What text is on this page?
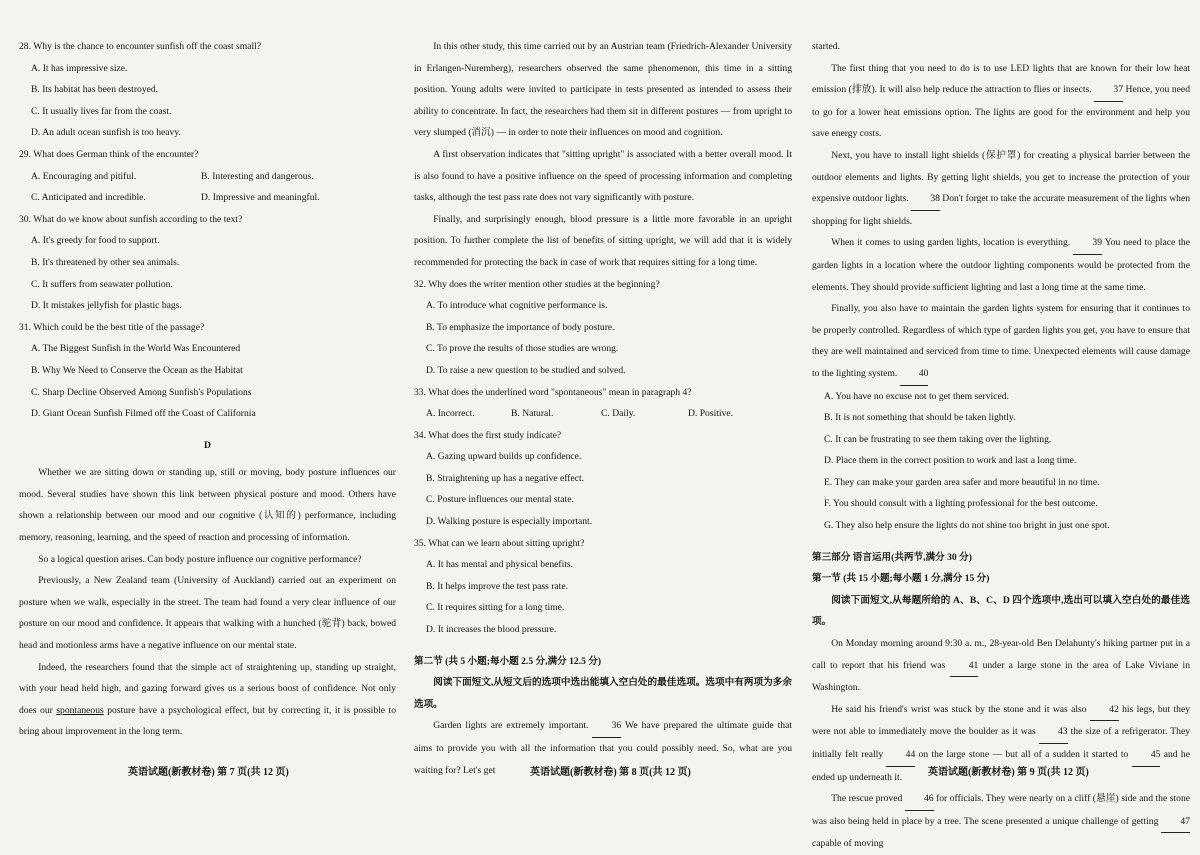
28. Why is the chance to encounter sunfish off the coast small?

A. It has impressive size.

B. Its habitat has been destroyed.

C. It usually lives far from the coast.

D. An adult ocean sunfish is too heavy.

29. What does German think of the encounter?

A. Encouraging and pitiful.	B. Interesting and dangerous.
C. Anticipated and incredible.	D. Impressive and meaningful.

30. What do we know about sunfish according to the text?

A. It's greedy for food to support.

B. It's threatened by other sea animals.

C. It suffers from seawater pollution.

D. It mistakes jellyfish for plastic bags.

31. Which could be the best title of the passage?

A. The Biggest Sunfish in the World Was Encountered

B. Why We Need to Conserve the Ocean as the Habitat

C. Sharp Decline Observed Among Sunfish's Populations

D. Giant Ocean Sunfish Filmed off the Coast of California

D

Whether we are sitting down or standing up, still or moving, body posture influences our mood. Several studies have shown this link between physical posture and mood. Others have shown a relationship between our mood and our cognitive (认知的) performance, including memory, reasoning, learning, and the speed of reaction and processing of information.

So a logical question arises. Can body posture influence our cognitive performance?

Previously, a New Zealand team (University of Auckland) carried out an experiment on posture when we walk, especially in the street. The team had found a very clear influence of our posture on our mood and confidence. It appears that walking with a hunched (驼背) back, bowed head and motionless arms have a negative influence on our mental state.

Indeed, the researchers found that the simple act of straightening up, standing up straight, with your head held high, and gazing forward gives us a serious boost of confidence. Not only does our spontaneous posture have a psychological effect, but by correcting it, it is possible to bring about improvement in the long term.

英语试题(新教材卷) 第 7 页(共 12 页)

In this other study, this time carried out by an Austrian team (Friedrich-Alexander University in Erlangen-Nuremberg), researchers observed the same phenomenon, this time in a sitting position. Young adults were invited to participate in tests presented as intended to assess their ability to concentrate. In fact, the researchers had them sit in different postures — from upright to very slumped (消沉) — in order to note their influences on mood and cognition.

A first observation indicates that "sitting upright" is associated with a better overall mood. It is also found to have a positive influence on the speed of processing information and completing tasks, although the test pass rate does not vary significantly with posture.

Finally, and surprisingly enough, blood pressure is a little more favorable in an upright position. To further complete the list of benefits of sitting upright, we will add that it is widely recommended for protecting the back in case of work that requires sitting for a long time.

32. Why does the writer mention other studies at the beginning?

A. To introduce what cognitive performance is.

B. To emphasize the importance of body posture.

C. To prove the results of those studies are wrong.

D. To raise a new question to be studied and solved.

33. What does the underlined word "spontaneous" mean in paragraph 4?

A. Incorrect.	B. Natural.	C. Daily.	D. Positive.

34. What does the first study indicate?

A. Gazing upward builds up confidence.

B. Straightening up has a negative effect.

C. Posture influences our mental state.

D. Walking posture is especially important.

35. What can we learn about sitting upright?

A. It has mental and physical benefits.

B. It helps improve the test pass rate.

C. It requires sitting for a long time.

D. It increases the blood pressure.

第二节 (共 5 小题;每小题 2.5 分,满分 12.5 分)

阅读下面短文,从短文后的选项中选出能填入空白处的最佳选项。选项中有两项为多余选项。

Garden lights are extremely important. 36 We have prepared the ultimate guide that aims to provide you with all the information that you could possibly need. So, what are you waiting for? Let's get	英语试题(新教材卷) 第 8 页(共 12 页)

started.

The first thing that you need to do is to use LED lights that are known for their low heat emission (排放). It will also help reduce the attraction to flies or insects. 37 Hence, you need to go for a lower heat emissions option. The lights are good for the environment and help you save energy costs.

Next, you have to install light shields (保护罩) for creating a physical barrier between the outdoor elements and lights. By getting light shields, you get to increase the protection of your expensive outdoor lights. 38 Don't forget to take the accurate measurement of the lights when shopping for light shields.

When it comes to using garden lights, location is everything. 39 You need to place the garden lights in a location where the outdoor lighting components would be protected from the elements. They should provide sufficient lighting and last a long time at the same time.

Finally, you also have to maintain the garden lights system for ensuring that it continues to be properly controlled. Regardless of which type of garden lights you get, you have to ensure that they are well maintained and serviced from time to time. Unexpected elements will cause damage to the lighting system. 40

A. You have no excuse not to get them serviced.

B. It is not something that should be taken lightly.

C. It can be frustrating to see them taking over the lighting.

D. Place them in the correct position to work and last a long time.

E. They can make your garden area safer and more beautiful in no time.

F. You should consult with a lighting professional for the best outcome.

G. They also help ensure the lights do not shine too bright in just one spot.

第三部分 语言运用(共两节,满分 30 分)

第一节 (共 15 小题;每小题 1 分,满分 15 分)

阅读下面短文,从每题所给的 A、B、C、D 四个选项中,选出可以填入空白处的最佳选项。

On Monday morning around 9:30 a. m., 28-year-old Ben Delahunty's hiking partner put in a call to report that his friend was 41 under a large stone in the area of Lake Viviane in Washington.

He said his friend's wrist was stuck by the stone and it was also 42 his legs, but they were not able to immediately move the boulder as it was 43 the size of a refrigerator. They initially felt really 44 on the large stone — but all of a sudden it started to 45 and he ended up underneath it.

The rescue proved 46 for officials. They were nearly on a cliff (悬崖) side and the stone was also being held in place by a tree. The scene presented a unique challenge of getting 47 capable of moving

英语试题(新教材卷) 第 9 页(共 12 页)
